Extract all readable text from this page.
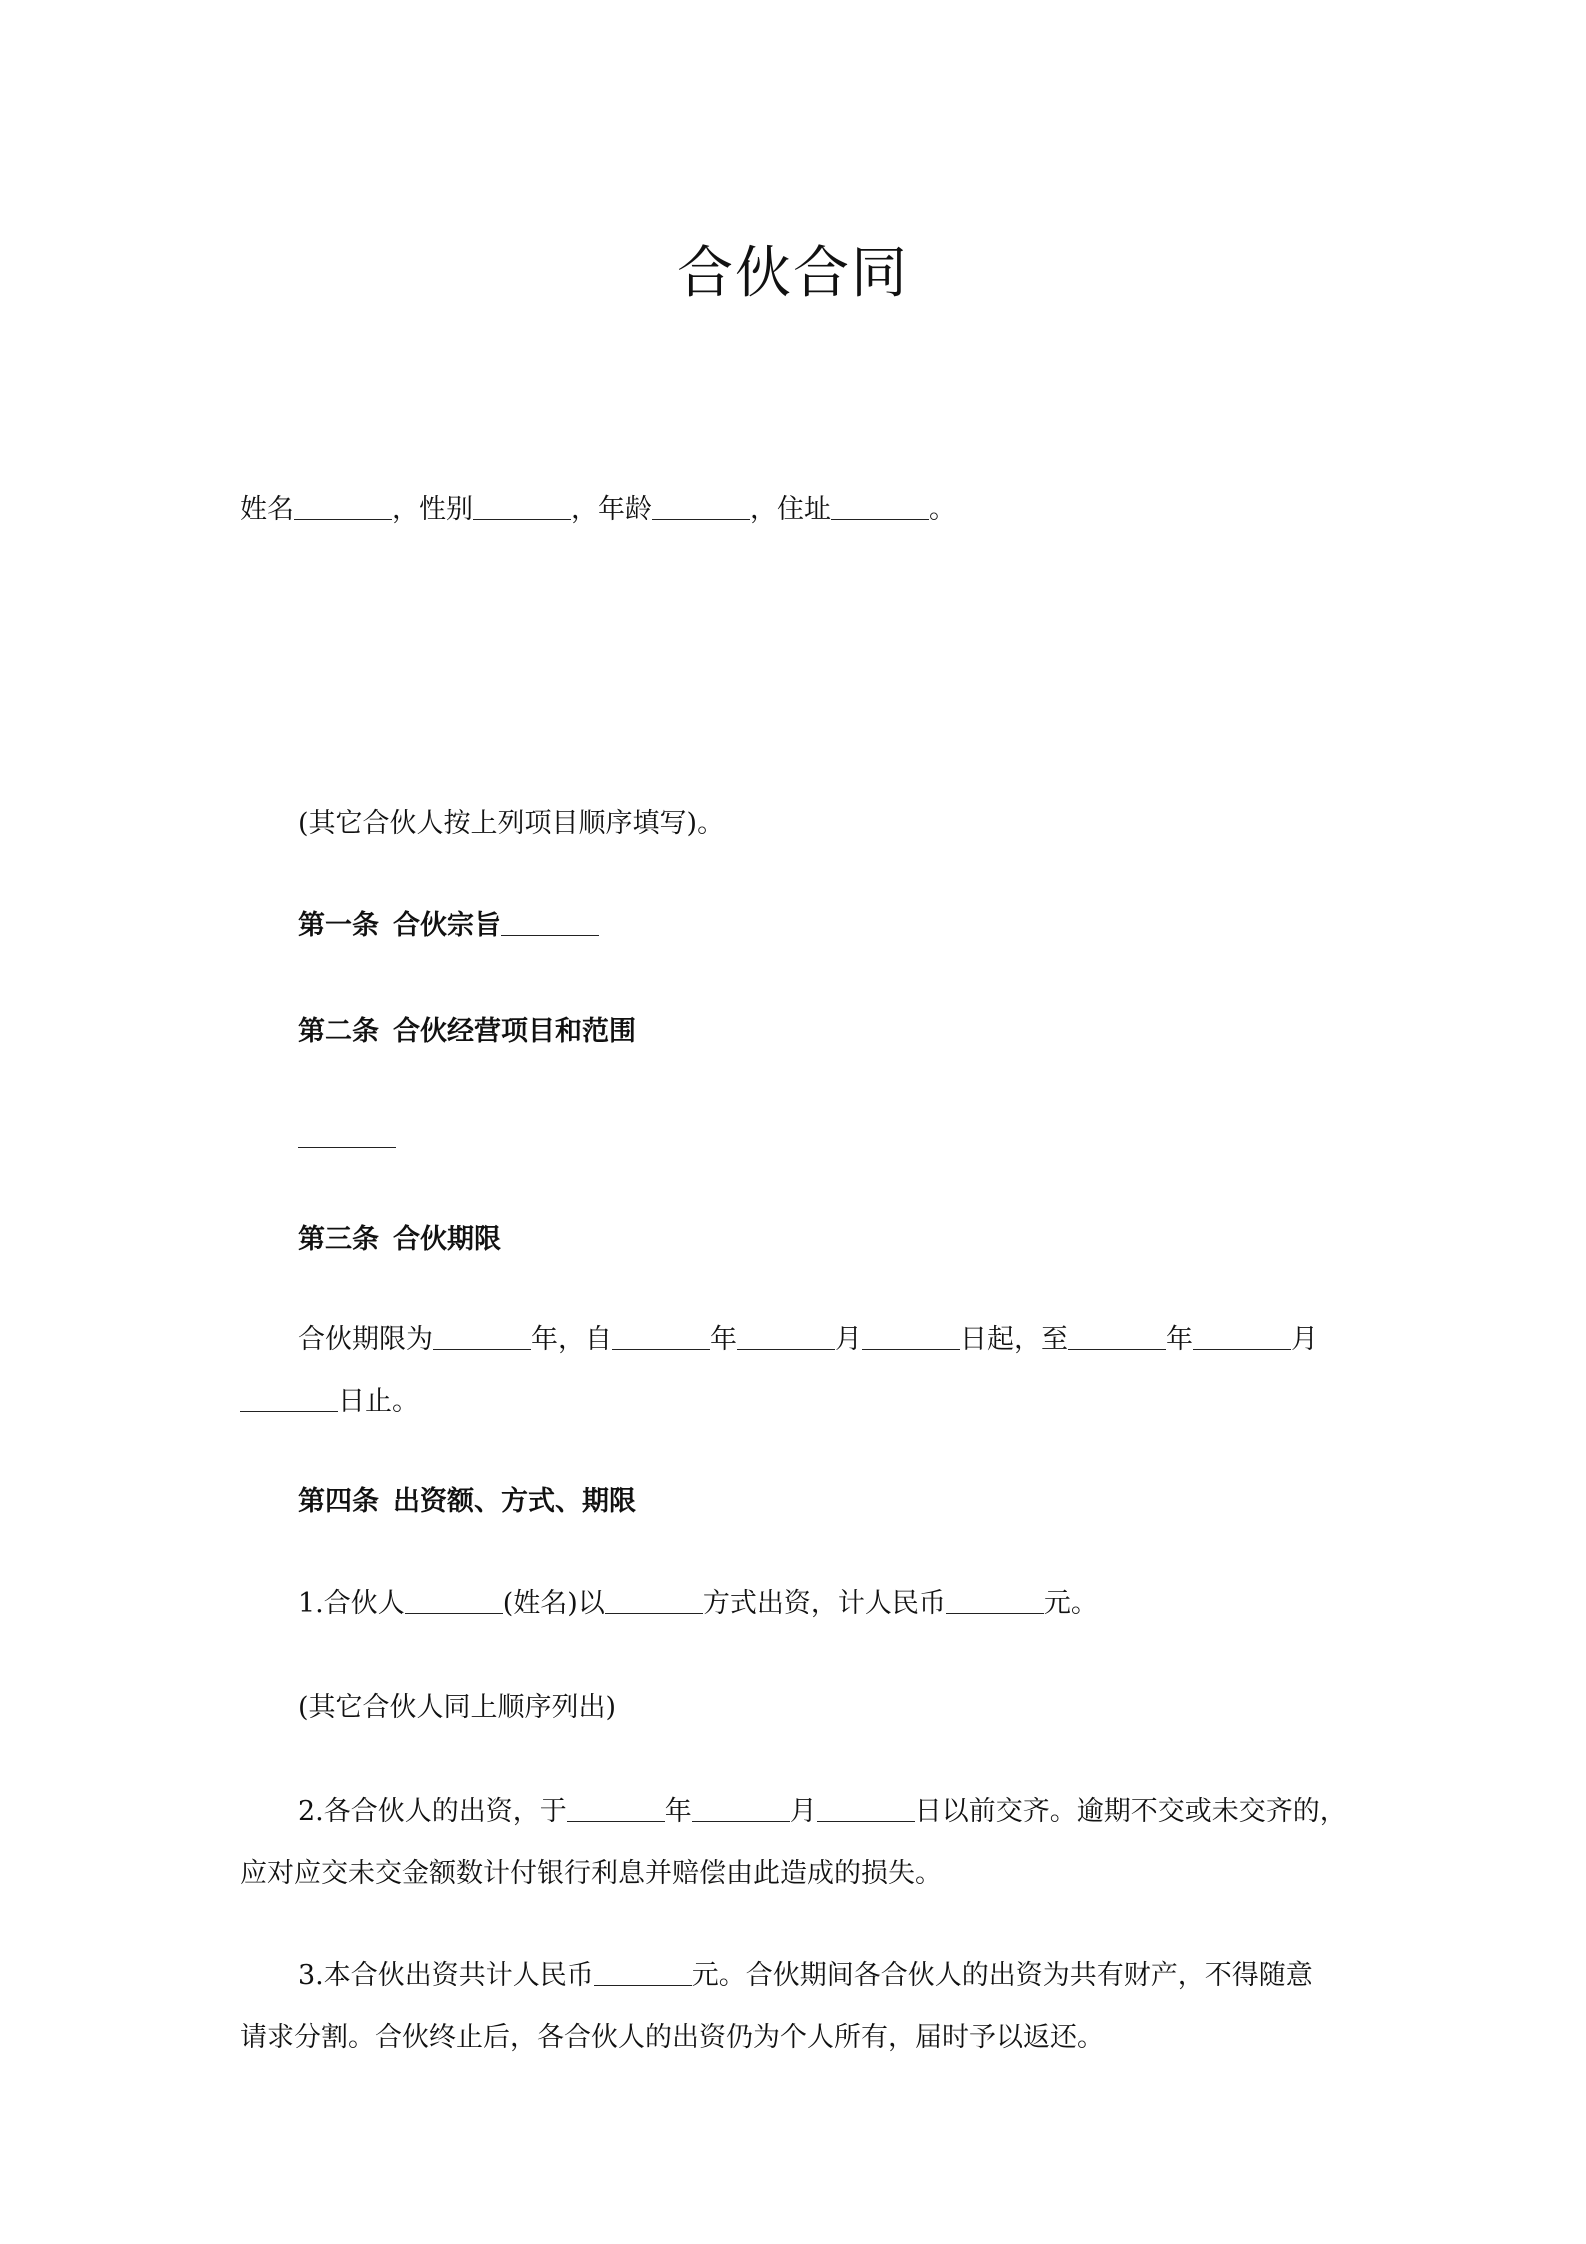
合伙合同
姓名	，性别	，年龄	，住址	。
(其它合伙人按上列项目顺序填写)。
第一条 合伙宗旨
第二条 合伙经营项目和范围
第三条 合伙期限
合伙期限为	年，自	年	月	日起，至	年	月
日止。
第四条 出资额、方式、期限
1.合伙人	(姓名)以	方式出资，计人民币	元。
(其它合伙人同上顺序列出)
2.各合伙人的出资，于	年	月	日以前交齐。逾期不交或未交齐的，
应对应交未交金额数计付银行利息并赔偿由此造成的损失。
3.本合伙出资共计人民币	元。合伙期间各合伙人的出资为共有财产，不得随意
请求分割。合伙终止后，各合伙人的出资仍为个人所有，届时予以返还。
